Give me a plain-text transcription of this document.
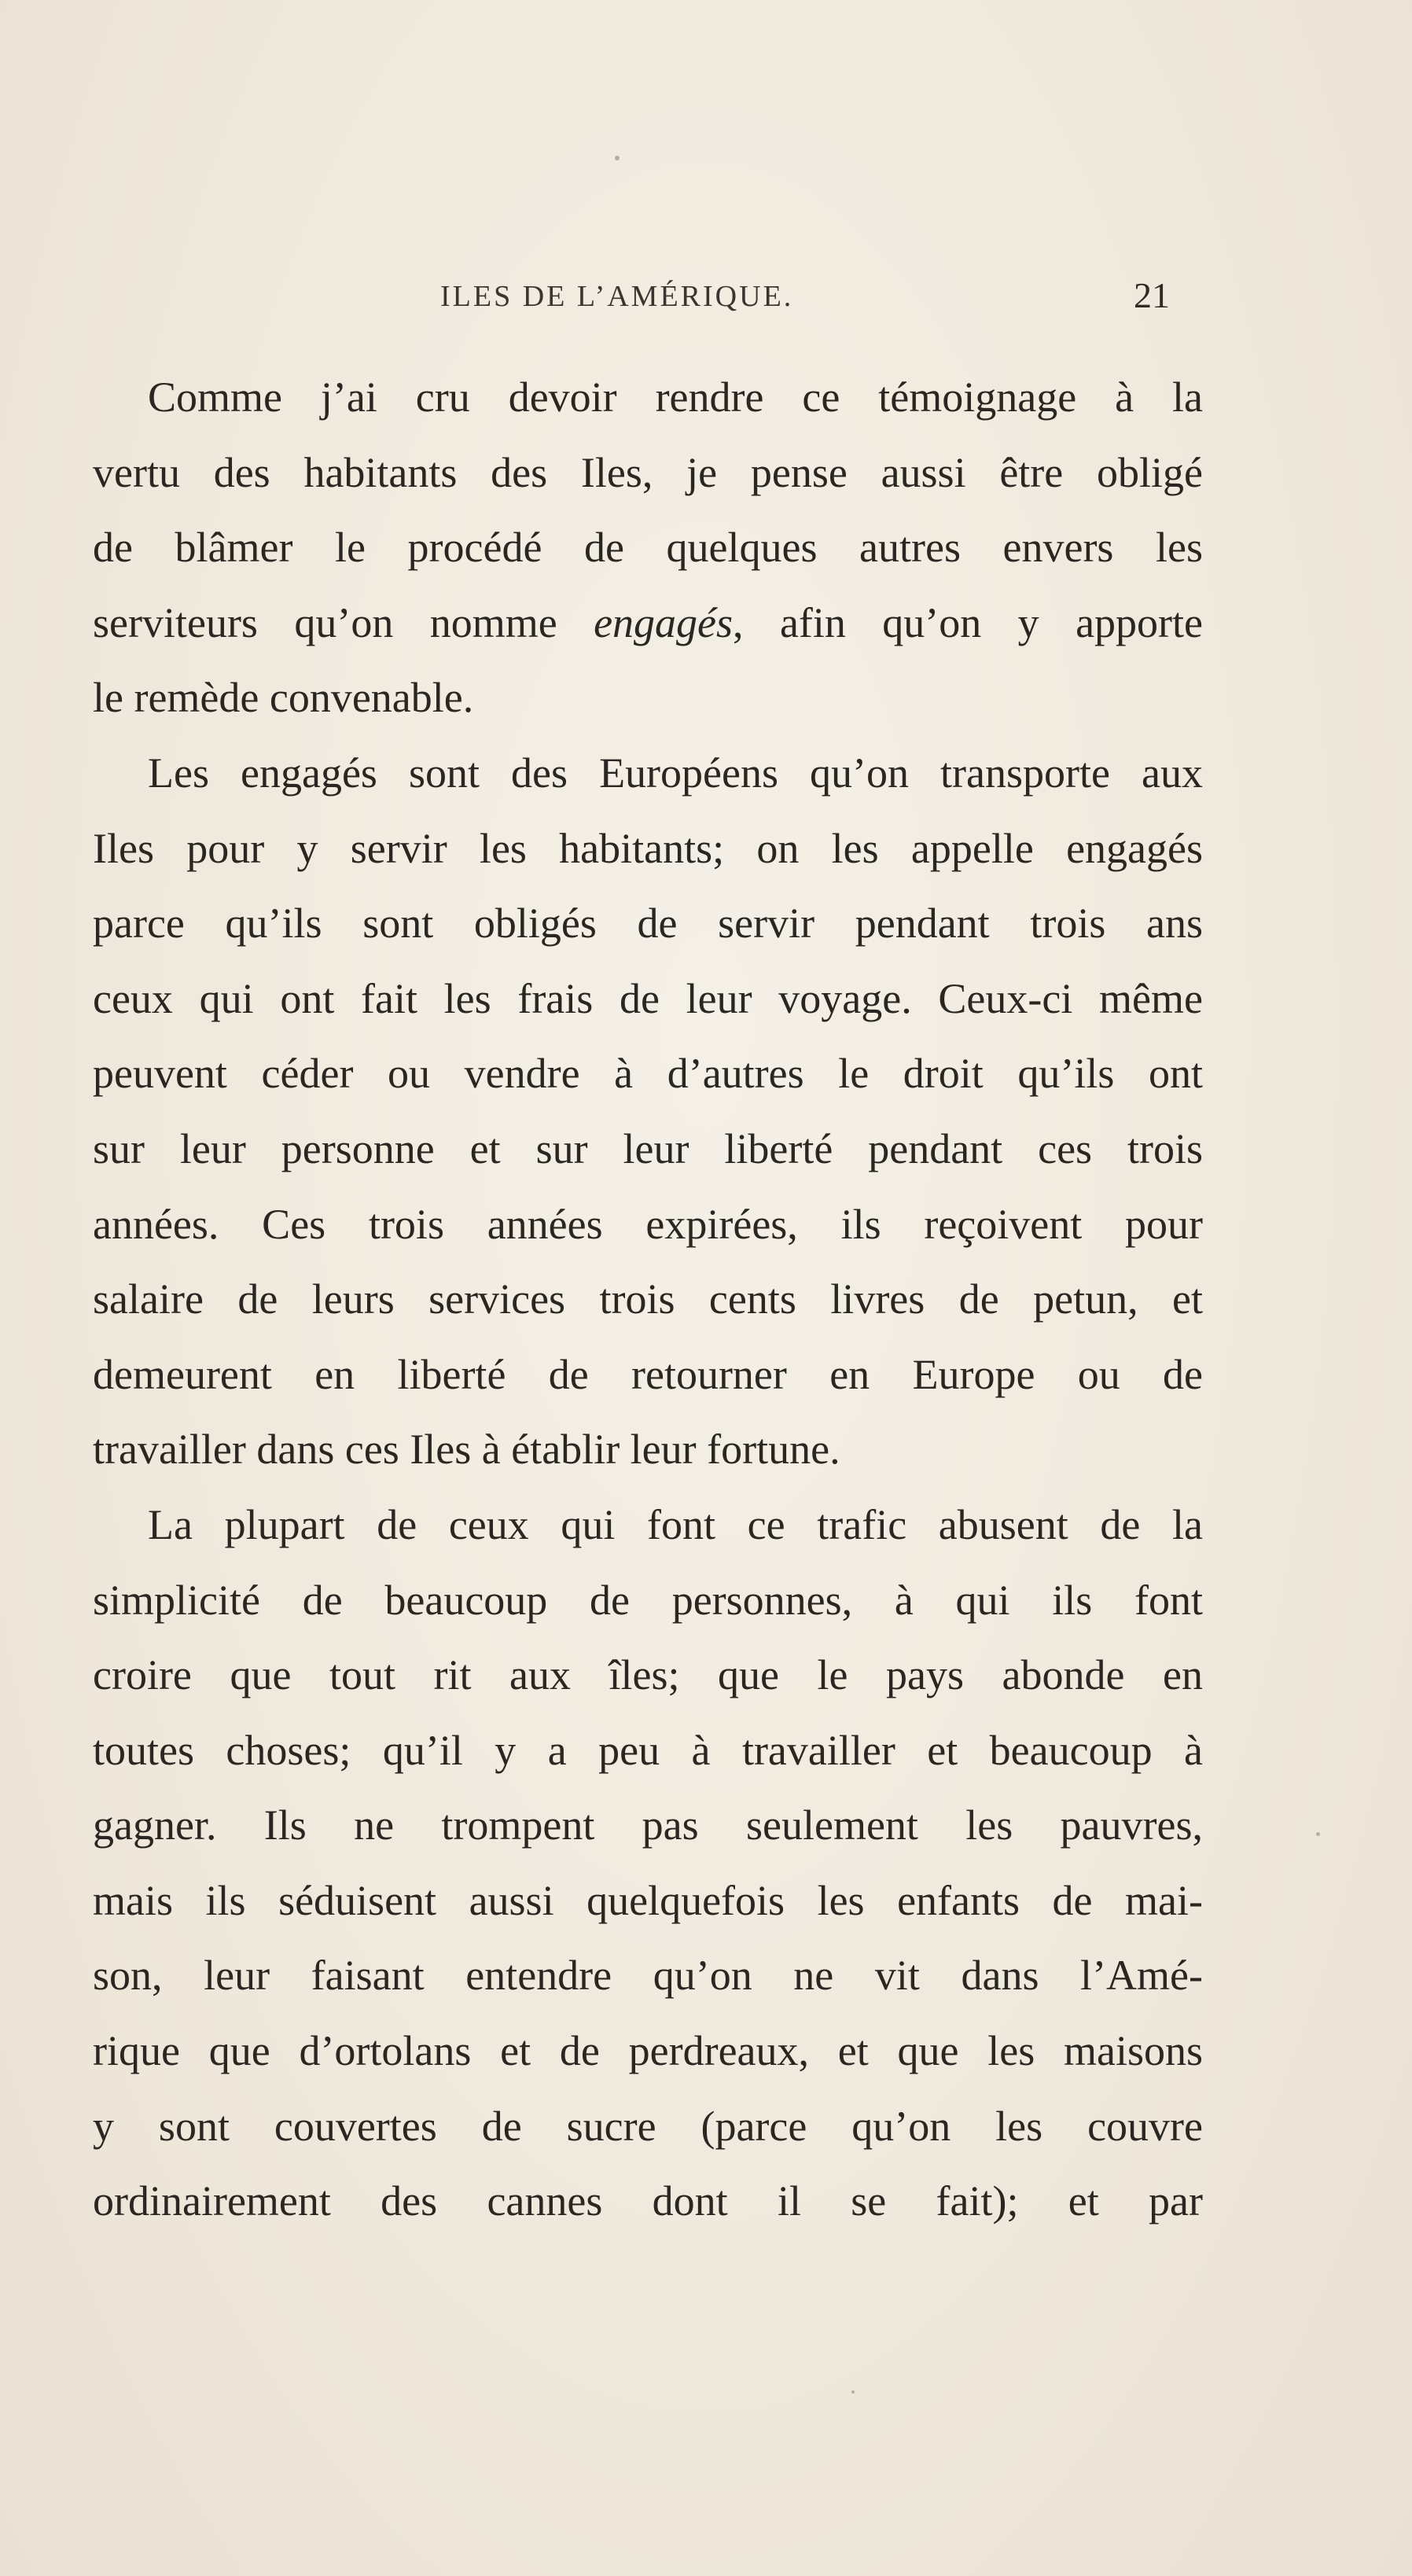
ILES DE L’AMÉRIQUE.	21
Comme j’ai cru devoir rendre ce témoignage à la
vertu des habitants des Iles, je pense aussi être obligé
de blâmer le procédé de quelques autres envers les
serviteurs qu’on nomme engagés, afin qu’on y apporte
le remède convenable.
Les engagés sont des Européens qu’on transporte aux
Iles pour y servir les habitants; on les appelle engagés
parce qu’ils sont obligés de servir pendant trois ans
ceux qui ont fait les frais de leur voyage. Ceux-ci même
peuvent céder ou vendre à d’autres le droit qu’ils ont
sur leur personne et sur leur liberté pendant ces trois
années. Ces trois années expirées, ils reçoivent pour
salaire de leurs services trois cents livres de petun, et
demeurent en liberté de retourner en Europe ou de
travailler dans ces Iles à établir leur fortune.
La plupart de ceux qui font ce trafic abusent de la
simplicité de beaucoup de personnes, à qui ils font
croire que tout rit aux îles; que le pays abonde en
toutes choses; qu’il y a peu à travailler et beaucoup à
gagner. Ils ne trompent pas seulement les pauvres,
mais ils séduisent aussi quelquefois les enfants de mai-
son, leur faisant entendre qu’on ne vit dans l’Amé-
rique que d’ortolans et de perdreaux, et que les maisons
y sont couvertes de sucre (parce qu’on les couvre
ordinairement des cannes dont il se fait); et par
